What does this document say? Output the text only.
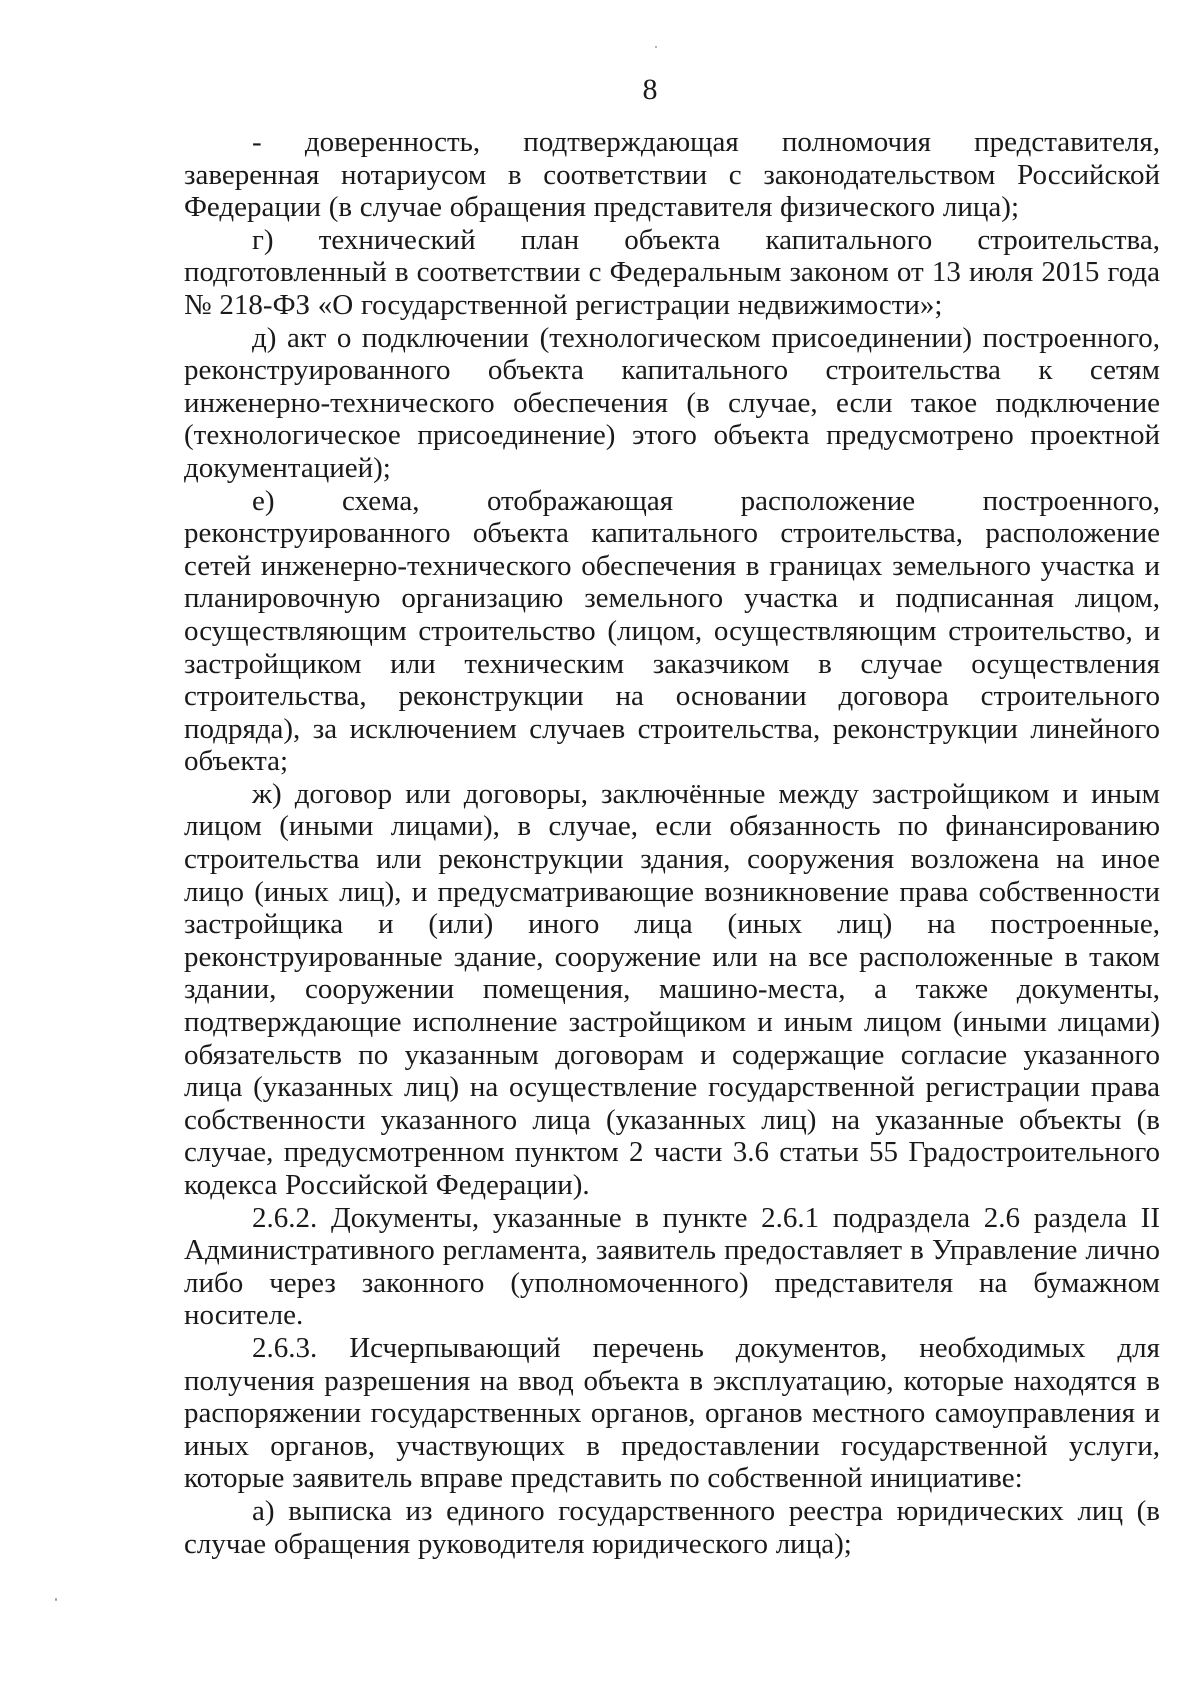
8

- доверенность, подтверждающая полномочия представителя, заверенная нотариусом в соответствии с законодательством Российской Федерации (в случае обращения представителя физического лица);

г) технический план объекта капитального строительства, подготовленный в соответствии с Федеральным законом от 13 июля 2015 года № 218-ФЗ «О государственной регистрации недвижимости»;

д) акт о подключении (технологическом присоединении) построенного, реконструированного объекта капитального строительства к сетям инженерно-технического обеспечения (в случае, если такое подключение (технологическое присоединение) этого объекта предусмотрено проектной документацией);

е) схема, отображающая расположение построенного, реконструированного объекта капитального строительства, расположение сетей инженерно-технического обеспечения в границах земельного участка и планировочную организацию земельного участка и подписанная лицом, осуществляющим строительство (лицом, осуществляющим строительство, и застройщиком или техническим заказчиком в случае осуществления строительства, реконструкции на основании договора строительного подряда), за исключением случаев строительства, реконструкции линейного объекта;

ж) договор или договоры, заключённые между застройщиком и иным лицом (иными лицами), в случае, если обязанность по финансированию строительства или реконструкции здания, сооружения возложена на иное лицо (иных лиц), и предусматривающие возникновение права собственности застройщика и (или) иного лица (иных лиц) на построенные, реконструированные здание, сооружение или на все расположенные в таком здании, сооружении помещения, машино-места, а также документы, подтверждающие исполнение застройщиком и иным лицом (иными лицами) обязательств по указанным договорам и содержащие согласие указанного лица (указанных лиц) на осуществление государственной регистрации права собственности указанного лица (указанных лиц) на указанные объекты (в случае, предусмотренном пунктом 2 части 3.6 статьи 55 Градостроительного кодекса Российской Федерации).

2.6.2. Документы, указанные в пункте 2.6.1 подраздела 2.6 раздела II Административного регламента, заявитель предоставляет в Управление лично либо через законного (уполномоченного) представителя на бумажном носителе.

2.6.3. Исчерпывающий перечень документов, необходимых для получения разрешения на ввод объекта в эксплуатацию, которые находятся в распоряжении государственных органов, органов местного самоуправления и иных органов, участвующих в предоставлении государственной услуги, которые заявитель вправе представить по собственной инициативе:

а) выписка из единого государственного реестра юридических лиц (в случае обращения руководителя юридического лица);
